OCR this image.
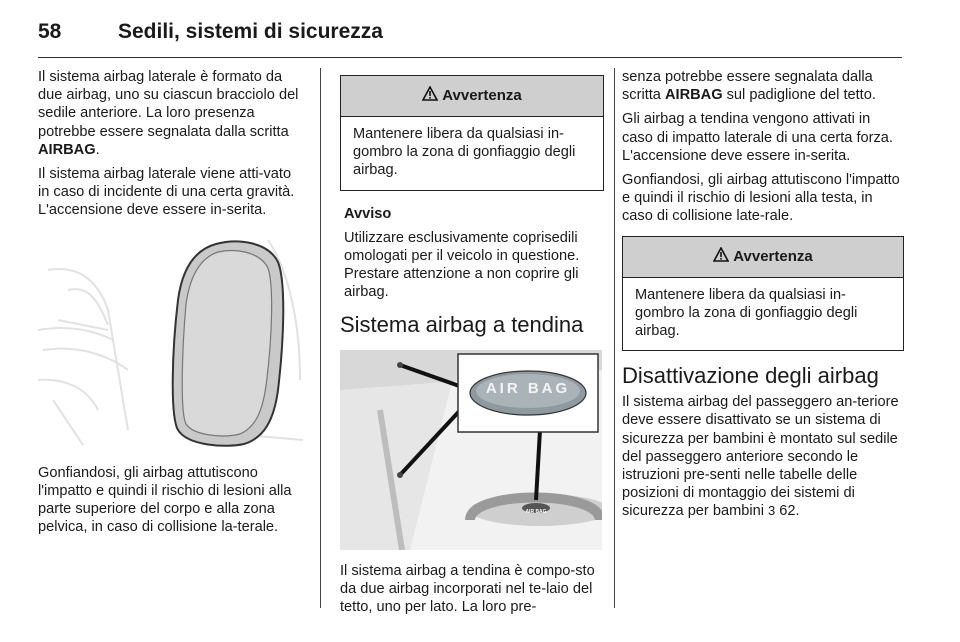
58	Sedili, sistemi di sicurezza

Il sistema airbag laterale è formato da due airbag, uno su ciascun bracciolo del sedile anteriore. La loro presenza potrebbe essere segnalata dalla scritta AIRBAG.

Il sistema airbag laterale viene atti-vato in caso di incidente di una certa gravità. L'accensione deve essere in-serita.

Gonfiandosi, gli airbag attutiscono l'impatto e quindi il rischio di lesioni alla parte superiore del corpo e alla zona pelvica, in caso di collisione la-terale.

Avvertenza
Mantenere libera da qualsiasi in-gombro la zona di gonfiaggio degli airbag.

Avviso

Utilizzare esclusivamente coprisedili omologati per il veicolo in questione. Prestare attenzione a non coprire gli airbag.

Sistema airbag a tendina
AIR BAG
AIR BAG

Il sistema airbag a tendina è compo-sto da due airbag incorporati nel te-laio del tetto, uno per lato. La loro pre-

senza potrebbe essere segnalata dalla scritta AIRBAG sul padiglione del tetto.

Gli airbag a tendina vengono attivati in caso di impatto laterale di una certa forza. L'accensione deve essere in-serita.

Gonfiandosi, gli airbag attutiscono l'impatto e quindi il rischio di lesioni alla testa, in caso di collisione late-rale.

Avvertenza
Mantenere libera da qualsiasi in-gombro la zona di gonfiaggio degli airbag.
Disattivazione degli airbag

Il sistema airbag del passeggero an-teriore deve essere disattivato se un sistema di sicurezza per bambini è montato sul sedile del passeggero anteriore secondo le istruzioni pre-senti nelle tabelle delle posizioni di montaggio dei sistemi di sicurezza per bambini 3 62.
